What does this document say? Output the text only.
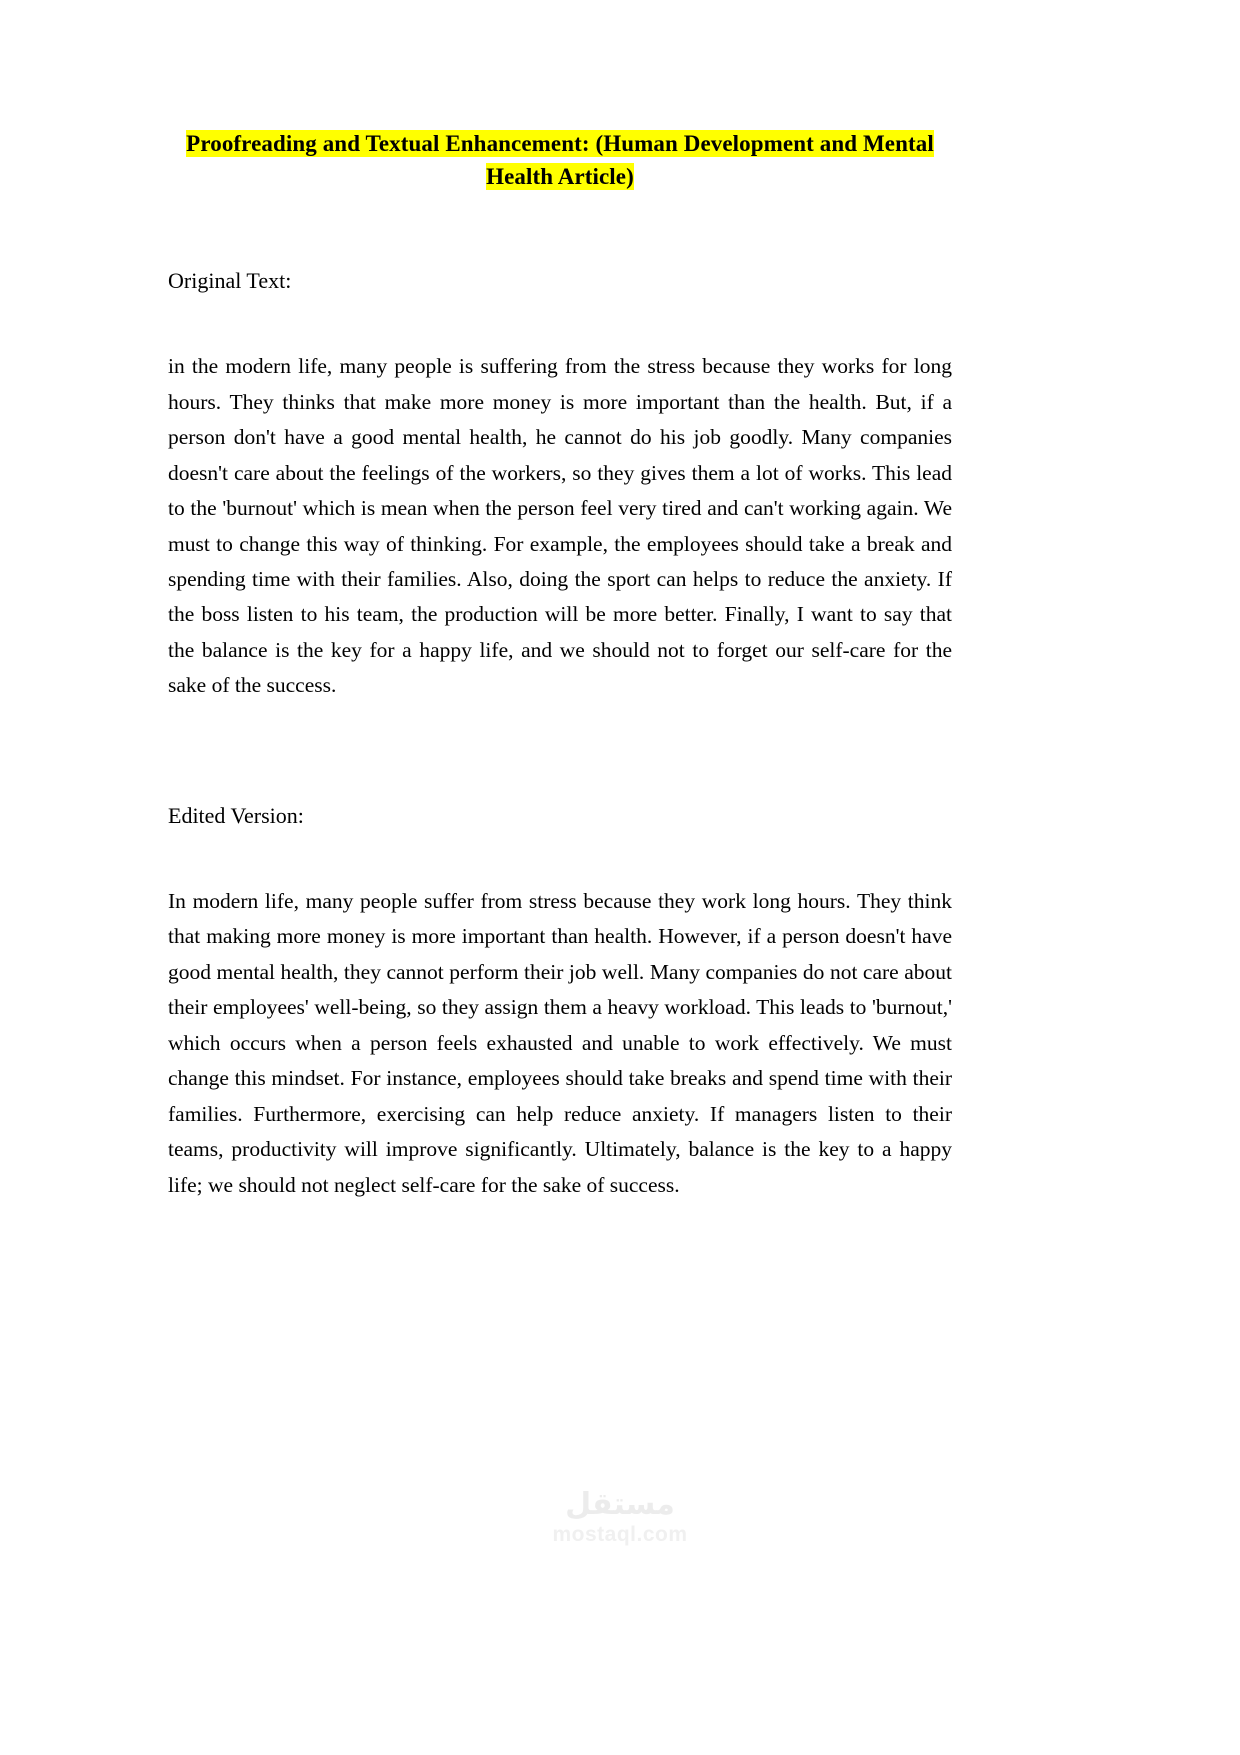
Proofreading and Textual Enhancement: (Human Development and Mental Health Article)

Original Text:

in the modern life, many people is suffering from the stress because they works for long hours. They thinks that make more money is more important than the health. But, if a person don't have a good mental health, he cannot do his job goodly. Many companies doesn't care about the feelings of the workers, so they gives them a lot of works. This lead to the 'burnout' which is mean when the person feel very tired and can't working again. We must to change this way of thinking. For example, the employees should take a break and spending time with their families. Also, doing the sport can helps to reduce the anxiety. If the boss listen to his team, the production will be more better. Finally, I want to say that the balance is the key for a happy life, and we should not to forget our self-care for the sake of the success.

Edited Version:

In modern life, many people suffer from stress because they work long hours. They think that making more money is more important than health. However, if a person doesn't have good mental health, they cannot perform their job well. Many companies do not care about their employees' well-being, so they assign them a heavy workload. This leads to 'burnout,' which occurs when a person feels exhausted and unable to work effectively. We must change this mindset. For instance, employees should take breaks and spend time with their families. Furthermore, exercising can help reduce anxiety. If managers listen to their teams, productivity will improve significantly. Ultimately, balance is the key to a happy life; we should not neglect self-care for the sake of success.

مستقل
mostaql.com
